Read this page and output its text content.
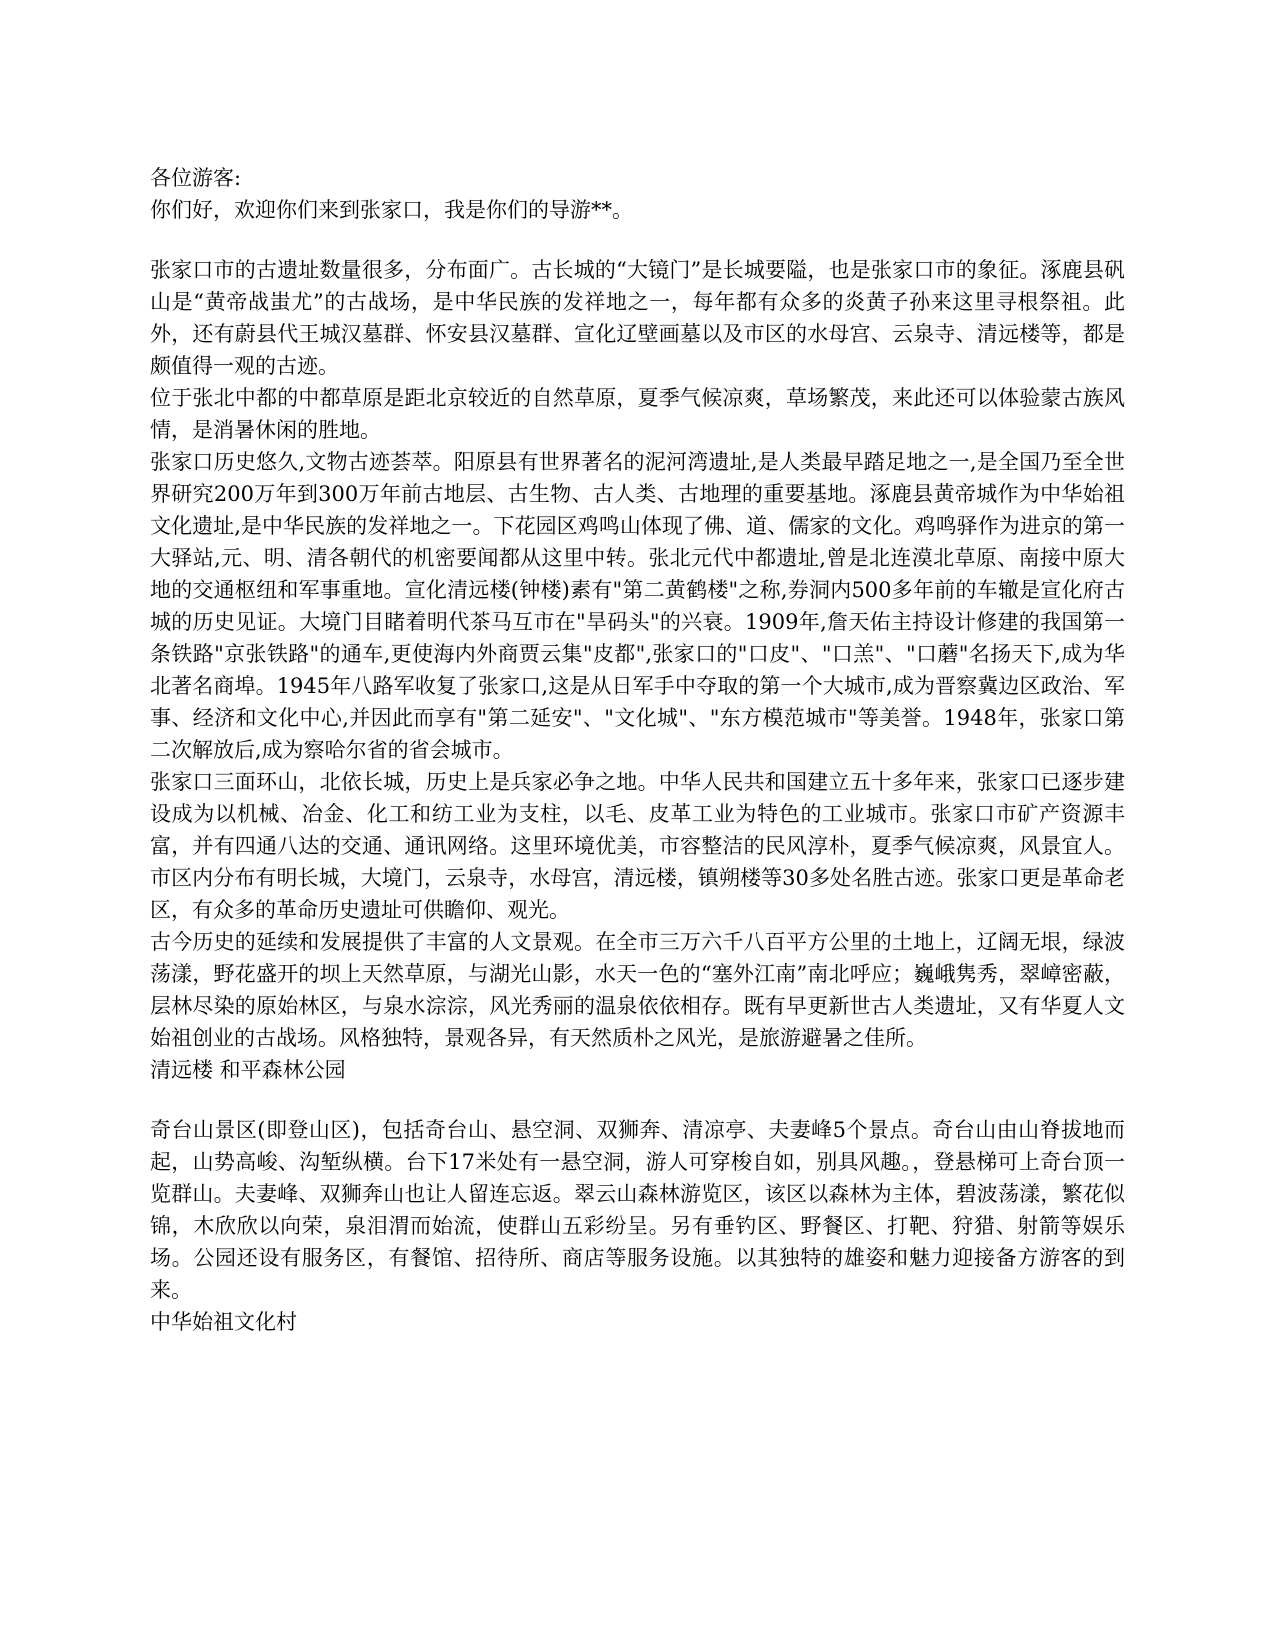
各位游客:

你们好，欢迎你们来到张家口，我是你们的导游**。

张家口市的古遗址数量很多，分布面广。古长城的“大镜门”是长城要隘，也是张家口市的象征。涿鹿县矾山是“黄帝战蚩尤”的古战场，是中华民族的发祥地之一，每年都有众多的炎黄子孙来这里寻根祭祖。此外，还有蔚县代王城汉墓群、怀安县汉墓群、宣化辽壁画墓以及市区的水母宫、云泉寺、清远楼等，都是颇值得一观的古迹。

位于张北中都的中都草原是距北京较近的自然草原，夏季气候凉爽，草场繁茂，来此还可以体验蒙古族风情，是消暑休闲的胜地。

张家口历史悠久,文物古迹荟萃。阳原县有世界著名的泥河湾遗址,是人类最早踏足地之一,是全国乃至全世界研究200万年到300万年前古地层、古生物、古人类、古地理的重要基地。涿鹿县黄帝城作为中华始祖文化遗址,是中华民族的发祥地之一。下花园区鸡鸣山体现了佛、道、儒家的文化。鸡鸣驿作为进京的第一大驿站,元、明、清各朝代的机密要闻都从这里中转。张北元代中都遗址,曾是北连漠北草原、南接中原大地的交通枢纽和军事重地。宣化清远楼(钟楼)素有"第二黄鹤楼"之称,券洞内500多年前的车辙是宣化府古城的历史见证。大境门目睹着明代茶马互市在"旱码头"的兴衰。1909年,詹天佑主持设计修建的我国第一条铁路"京张铁路"的通车,更使海内外商贾云集"皮都",张家口的"口皮"、"口羔"、"口蘑"名扬天下,成为华北著名商埠。1945年八路军收复了张家口,这是从日军手中夺取的第一个大城市,成为晋察冀边区政治、军事、经济和文化中心,并因此而享有"第二延安"、"文化城"、"东方模范城市"等美誉。1948年，张家口第二次解放后,成为察哈尔省的省会城市。

张家口三面环山，北依长城，历史上是兵家必争之地。中华人民共和国建立五十多年来，张家口已逐步建设成为以机械、冶金、化工和纺工业为支柱，以毛、皮革工业为特色的工业城市。张家口市矿产资源丰富，并有四通八达的交通、通讯网络。这里环境优美，市容整洁的民风淳朴，夏季气候凉爽，风景宜人。市区内分布有明长城，大境门，云泉寺，水母宫，清远楼，镇朔楼等30多处名胜古迹。张家口更是革命老区，有众多的革命历史遗址可供瞻仰、观光。

古今历史的延续和发展提供了丰富的人文景观。在全市三万六千八百平方公里的土地上，辽阔无垠，绿波荡漾，野花盛开的坝上天然草原，与湖光山影，水天一色的“塞外江南”南北呼应；巍峨隽秀，翠嶂密蔽，层林尽染的原始林区，与泉水淙淙，风光秀丽的温泉依依相存。既有早更新世古人类遗址，又有华夏人文始祖创业的古战场。风格独特，景观各异，有天然质朴之风光，是旅游避暑之佳所。

清远楼 和平森林公园

奇台山景区(即登山区)，包括奇台山、悬空洞、双狮奔、清凉亭、夫妻峰5个景点。奇台山由山脊拔地而起，山势高峻、沟堑纵横。台下17米处有一悬空洞，游人可穿梭自如，别具风趣。，登悬梯可上奇台顶一览群山。夫妻峰、双狮奔山也让人留连忘返。翠云山森林游览区，该区以森林为主体，碧波荡漾，繁花似锦，木欣欣以向荣，泉泪渭而始流，使群山五彩纷呈。另有垂钓区、野餐区、打靶、狩猎、射箭等娱乐场。公园还设有服务区，有餐馆、招待所、商店等服务设施。以其独特的雄姿和魅力迎接备方游客的到来。

中华始祖文化村
